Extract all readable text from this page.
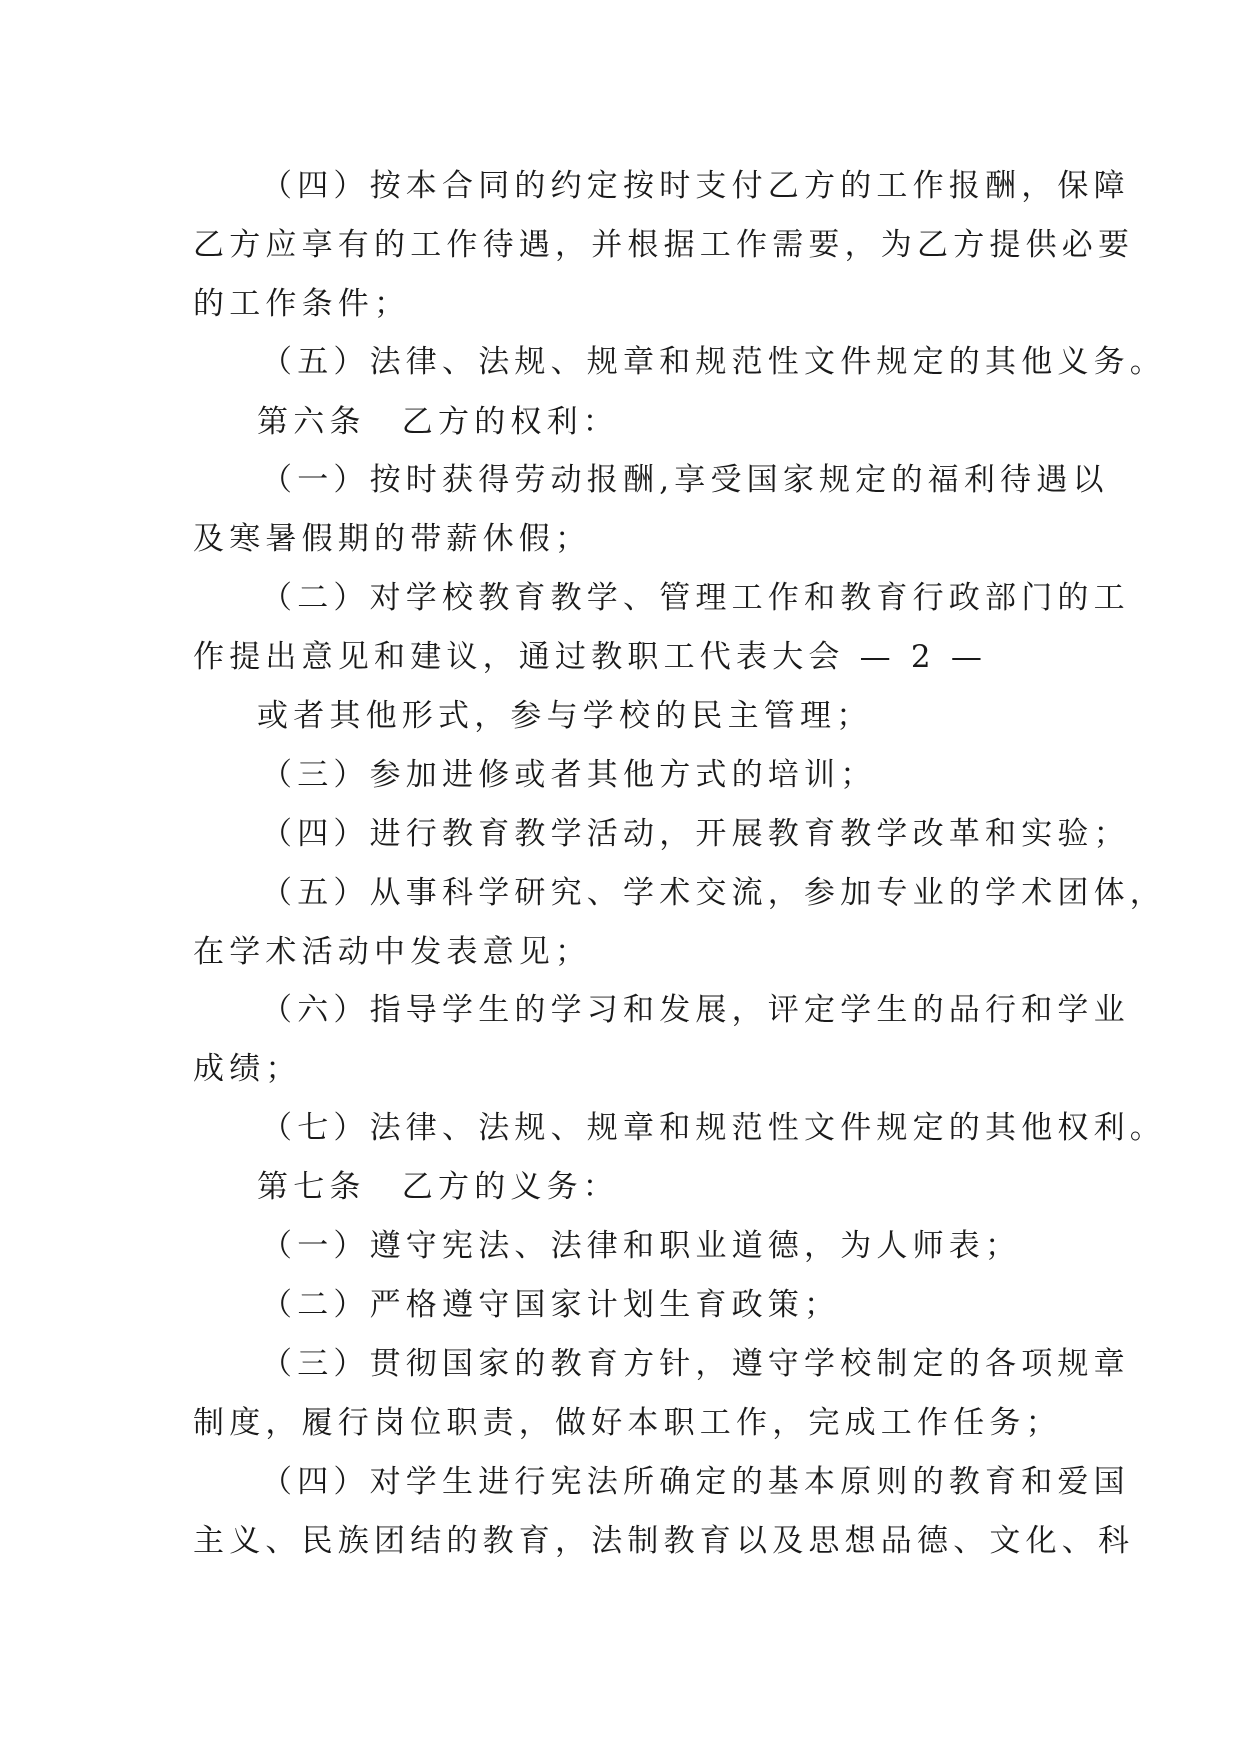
（四）按本合同的约定按时支付乙方的工作报酬，保障
乙方应享有的工作待遇，并根据工作需要，为乙方提供必要
的工作条件；
（五）法律、法规、规章和规范性文件规定的其他义务。
第六条　乙方的权利：
（一）按时获得劳动报酬,享受国家规定的福利待遇以
及寒暑假期的带薪休假；
（二）对学校教育教学、管理工作和教育行政部门的工
作提出意见和建议，通过教职工代表大会 — 2 —
或者其他形式，参与学校的民主管理；
（三）参加进修或者其他方式的培训；
（四）进行教育教学活动，开展教育教学改革和实验；
（五）从事科学研究、学术交流，参加专业的学术团体，
在学术活动中发表意见；
（六）指导学生的学习和发展，评定学生的品行和学业
成绩；
（七）法律、法规、规章和规范性文件规定的其他权利。
第七条　乙方的义务：
（一）遵守宪法、法律和职业道德，为人师表；
（二）严格遵守国家计划生育政策；
（三）贯彻国家的教育方针，遵守学校制定的各项规章
制度，履行岗位职责，做好本职工作，完成工作任务；
（四）对学生进行宪法所确定的基本原则的教育和爱国
主义、民族团结的教育，法制教育以及思想品德、文化、科
